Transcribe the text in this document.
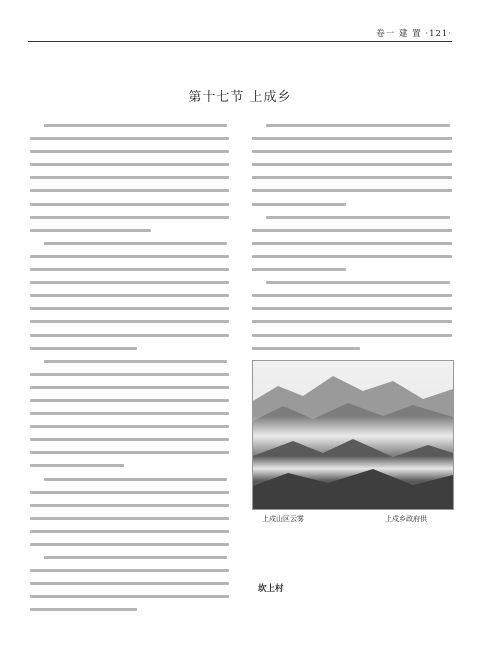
卷一 建 置 ·121·
第十七节 上成乡
上戍山区云雾	上戍乡政府供
坎上村
